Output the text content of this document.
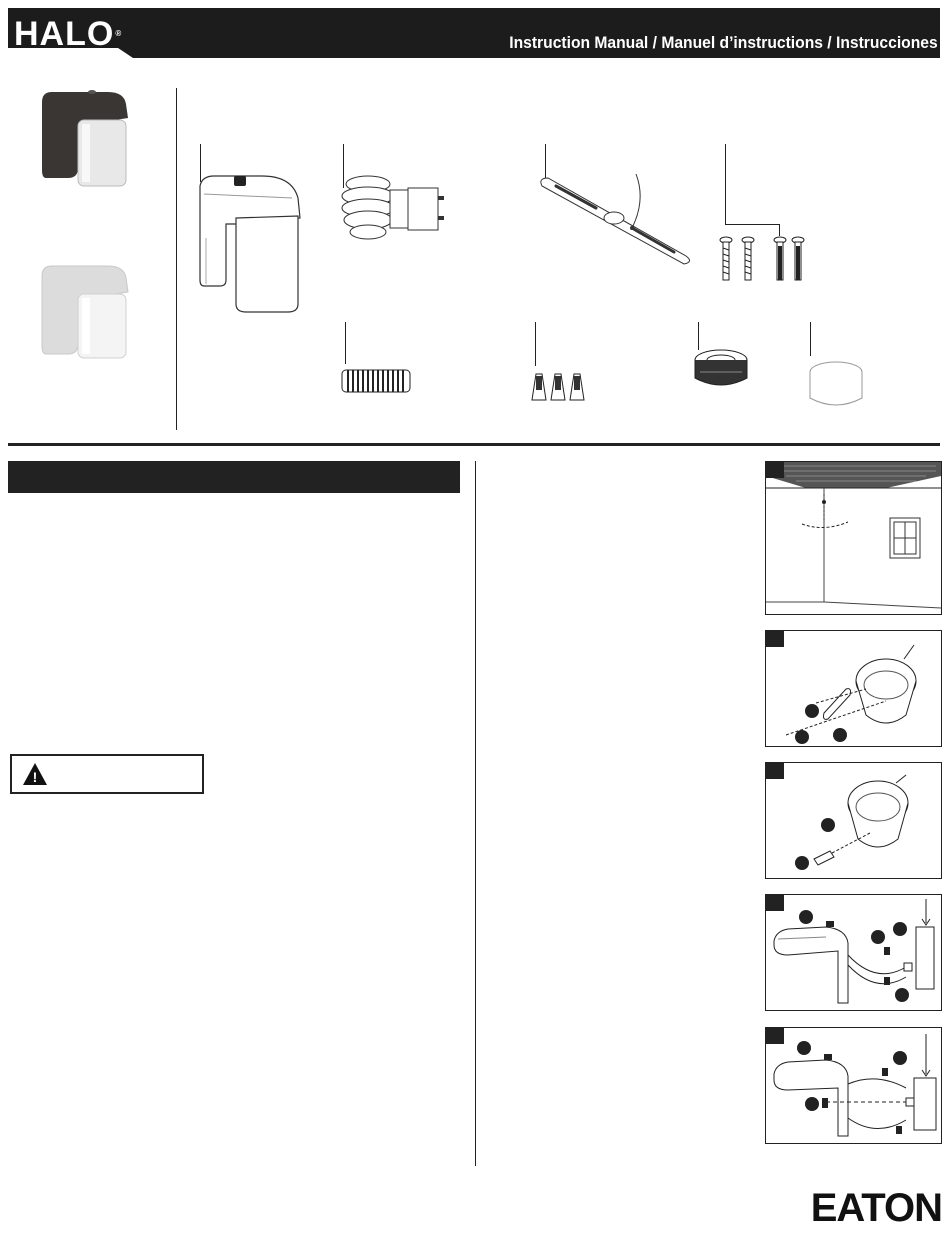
HALO®	Instruction Manual / Manuel d’instructions / Instrucciones
!
EATON
